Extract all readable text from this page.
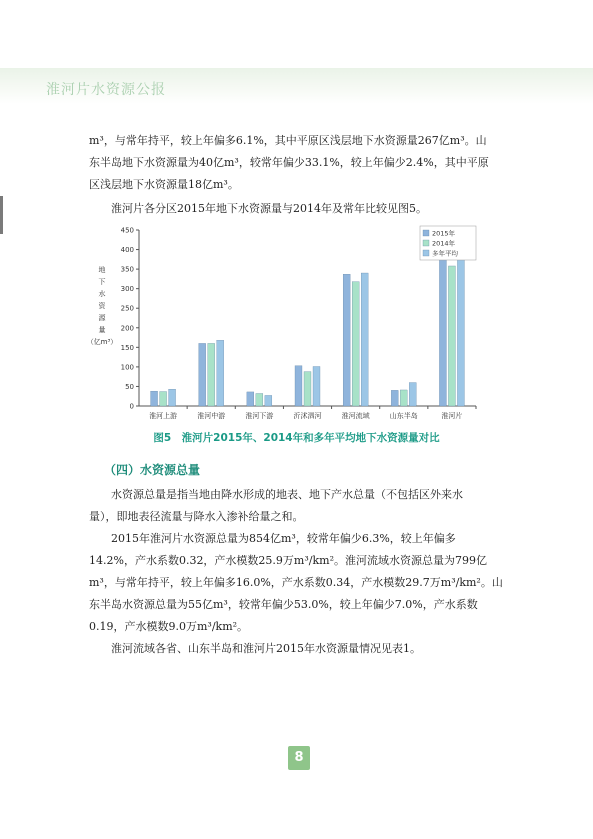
淮河片水资源公报
m³，与常年持平，较上年偏多6.1%，其中平原区浅层地下水资源量267亿m³。山
东半岛地下水资源量为40亿m³，较常年偏少33.1%，较上年偏少2.4%，其中平原
区浅层地下水资源量18亿m³。
淮河片各分区2015年地下水资源量与2014年及常年比较见图5。
0
50
100
150
200
250
300
350
400
450
地
下
水
资
源
量
（亿m³）
淮河上游	淮河中游	淮河下游	沂沭泗河	淮河流域	山东半岛	淮河片
2015年
2014年
多年平均
图5　淮河片2015年、2014年和多年平均地下水资源量对比
（四）水资源总量
水资源总量是指当地由降水形成的地表、地下产水总量（不包括区外来水
量），即地表径流量与降水入渗补给量之和。
2015年淮河片水资源总量为854亿m³，较常年偏少6.3%，较上年偏多
14.2%，产水系数0.32，产水模数25.9万m³/km²。淮河流域水资源总量为799亿
m³，与常年持平，较上年偏多16.0%，产水系数0.34，产水模数29.7万m³/km²。山
东半岛水资源总量为55亿m³，较常年偏少53.0%，较上年偏少7.0%，产水系数
0.19，产水模数9.0万m³/km²。
淮河流域各省、山东半岛和淮河片2015年水资源量情况见表1。
8
